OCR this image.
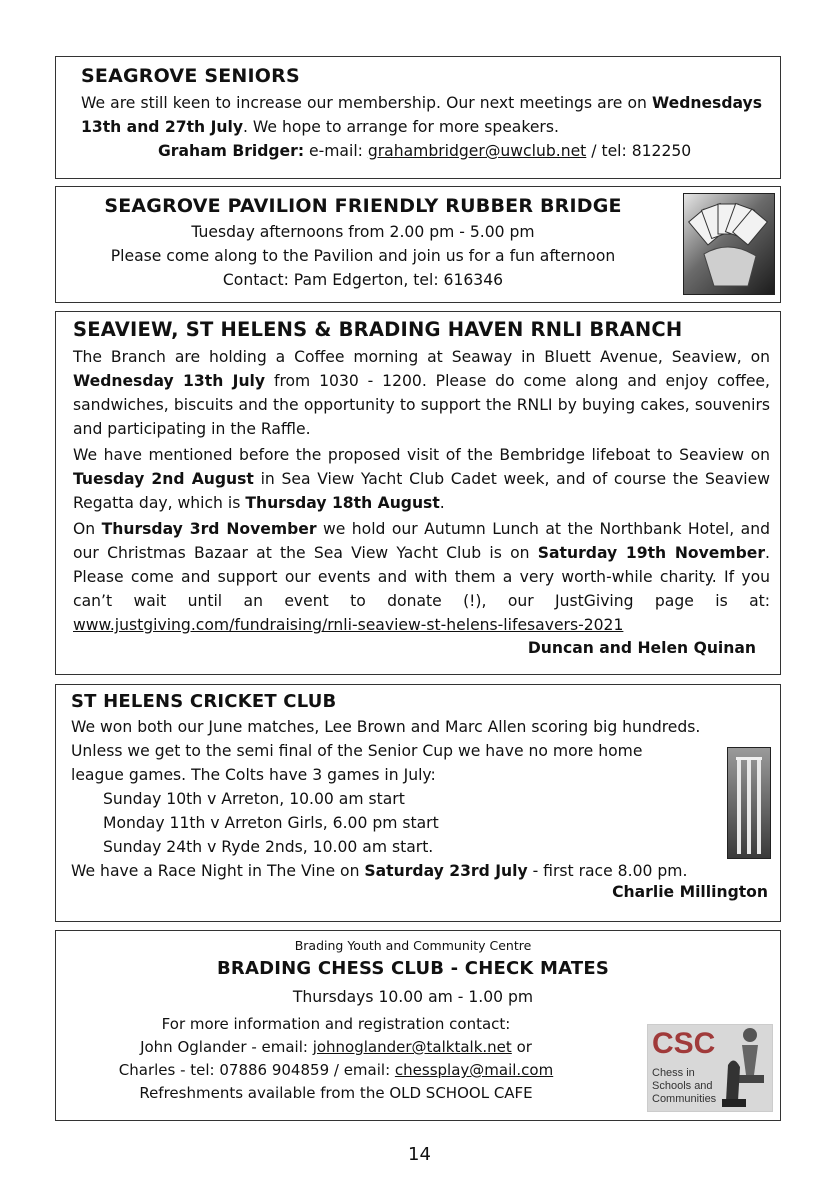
SEAGROVE SENIORS

We are still keen to increase our membership. Our next meetings are on Wednesdays 13th and 27th July. We hope to arrange for more speakers.

Graham Bridger: e-mail: grahambridger@uwclub.net / tel: 812250

SEAGROVE PAVILION FRIENDLY RUBBER BRIDGE

Tuesday afternoons from 2.00 pm - 5.00 pm

Please come along to the Pavilion and join us for a fun afternoon

Contact: Pam Edgerton, tel: 616346

SEAVIEW, ST HELENS & BRADING HAVEN RNLI BRANCH

The Branch are holding a Coffee morning at Seaway in Bluett Avenue, Seaview, on Wednesday 13th July from 1030 - 1200. Please do come along and enjoy coffee, sandwiches, biscuits and the opportunity to support the RNLI by buying cakes, souvenirs and participating in the Raffle.

We have mentioned before the proposed visit of the Bembridge lifeboat to Seaview on Tuesday 2nd August in Sea View Yacht Club Cadet week, and of course the Seaview Regatta day, which is Thursday 18th August.

On Thursday 3rd November we hold our Autumn Lunch at the Northbank Hotel, and our Christmas Bazaar at the Sea View Yacht Club is on Saturday 19th November. Please come and support our events and with them a very worth-while charity. If you can’t wait until an event to donate (!), our JustGiving page is at: www.justgiving.com/fundraising/rnli-seaview-st-helens-lifesavers-2021

Duncan and Helen Quinan
ST HELENS CRICKET CLUB

We won both our June matches, Lee Brown and Marc Allen scoring big hundreds.

Unless we get to the semi final of the Senior Cup we have no more home

league games. The Colts have 3 games in July:

Sunday 10th v Arreton, 10.00 am start

Monday 11th v Arreton Girls, 6.00 pm start

Sunday 24th v Ryde 2nds, 10.00 am start.

We have a Race Night in The Vine on Saturday 23rd July - first race 8.00 pm.

Charlie Millington

Brading Youth and Community Centre

BRADING CHESS CLUB - CHECK MATES

Thursdays 10.00 am - 1.00 pm

For more information and registration contact:

John Oglander - email: johnoglander@talktalk.net or

Charles - tel: 07886 904859 / email: chessplay@mail.com

Refreshments available from the OLD SCHOOL CAFE

CSC
Chess in
Schools and
Communities
14
